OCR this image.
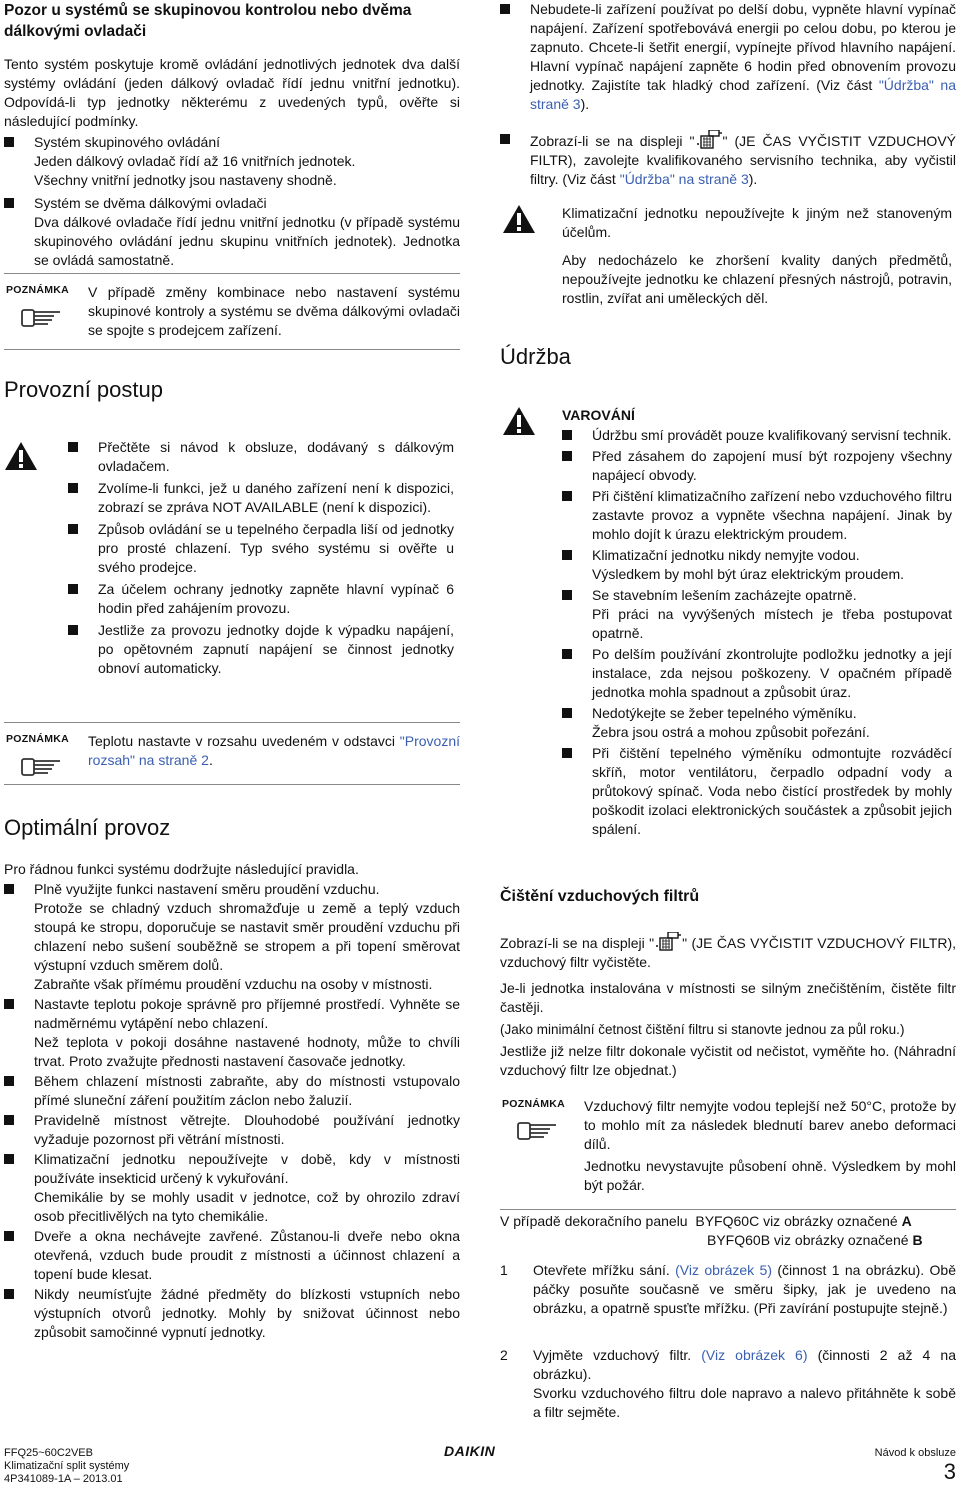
Pozor u systémů se skupinovou kontrolou nebo dvěma dálkovými ovladači

Tento systém poskytuje kromě ovládání jednotlivých jednotek dva další systémy ovládání (jeden dálkový ovladač řídí jednu vnitřní jednotku). Odpovídá-li typ jednotky některému z uvedených typů, ověřte si následující podmínky.

Systém skupinového ovládání
Jeden dálkový ovladač řídí až 16 vnitřních jednotek.
Všechny vnitřní jednotky jsou nastaveny shodně.
Systém se dvěma dálkovými ovladači
Dva dálkové ovladače řídí jednu vnitřní jednotku (v případě systému skupinového ovládání jednu skupinu vnitřních jednotek). Jednotka se ovládá samostatně.
POZNÁMKA V případě změny kombinace nebo nastavení systému skupinové kontroly a systému se dvěma dálkovými ovladači se spojte s prodejcem zařízení.

Provozní postup
Přečtěte si návod k obsluze, dodávaný s dálkovým ovladačem.
Zvolíme-li funkci, jež u daného zařízení není k dispozici, zobrazí se zpráva NOT AVAILABLE (není k dispozici).
Způsob ovládání se u tepelného čerpadla liší od jednotky pro prosté chlazení. Typ svého systému si ověřte u svého prodejce.
Za účelem ochrany jednotky zapněte hlavní vypínač 6 hodin před zahájením provozu.
Jestliže za provozu jednotky dojde k výpadku napájení, po opětovném zapnutí napájení se činnost jednotky obnoví automaticky.
POZNÁMKA Teplotu nastavte v rozsahu uvedeném v odstavci "Provozní rozsah" na straně 2.

Optimální provoz

Pro řádnou funkci systému dodržujte následující pravidla.

Plně využijte funkci nastavení směru proudění vzduchu.
Protože se chladný vzduch shromažďuje u země a teplý vzduch stoupá ke stropu, doporučuje se nastavit směr proudění vzduchu při chlazení nebo sušení souběžně se stropem a při topení směrovat výstupní vzduch směrem dolů.
Zabraňte však přímému proudění vzduchu na osoby v místnosti.
Nastavte teplotu pokoje správně pro příjemné prostředí. Vyhněte se nadměrnému vytápění nebo chlazení.
Než teplota v pokoji dosáhne nastavené hodnoty, může to chvíli trvat. Proto zvažujte přednosti nastavení časovače jednotky.
Během chlazení místnosti zabraňte, aby do místnosti vstupovalo přímé sluneční záření použitím záclon nebo žaluzií.
Pravidelně místnost větrejte. Dlouhodobé používání jednotky vyžaduje pozornost při větrání místnosti.
Klimatizační jednotku nepoužívejte v době, kdy v místnosti používáte insekticid určený k vykuřování.
Chemikálie by se mohly usadit v jednotce, což by ohrozilo zdraví osob přecitlivělých na tyto chemikálie.
Dveře a okna nechávejte zavřené. Zůstanou-li dveře nebo okna otevřená, vzduch bude proudit z místnosti a účinnost chlazení a topení bude klesat.
Nikdy neumísťujte žádné předměty do blízkosti vstupních nebo výstupních otvorů jednotky. Mohly by snižovat účinnost nebo způsobit samočinné vypnutí jednotky.
Nebudete-li zařízení používat po delší dobu, vypněte hlavní vypínač napájení. Zařízení spotřebovává energii po celou dobu, po kterou je zapnuto. Chcete-li šetřit energií, vypínejte přívod hlavního napájení. Hlavní vypínač napájení zapněte 6 hodin před obnovením provozu jednotky. Zajistíte tak hladký chod zařízení. (Viz část "Údržba" na straně 3).
Zobrazí-li se na displeji " " (JE ČAS VYČISTIT VZDUCHOVÝ FILTR), zavolejte kvalifikovaného servisního technika, aby vyčistil filtry. (Viz část "Údržba" na straně 3).

Klimatizační jednotku nepoužívejte k jiným než stanoveným účelům.

Aby nedocházelo ke zhoršení kvality daných předmětů, nepoužívejte jednotku ke chlazení přesných nástrojů, potravin, rostlin, zvířat ani uměleckých děl.

Údržba

VAROVÁNÍ

Údržbu smí provádět pouze kvalifikovaný servisní technik.
Před zásahem do zapojení musí být rozpojeny všechny napájecí obvody.
Při čištění klimatizačního zařízení nebo vzduchového filtru zastavte provoz a vypněte všechna napájení. Jinak by mohlo dojít k úrazu elektrickým proudem.
Klimatizační jednotku nikdy nemyjte vodou.
Výsledkem by mohl být úraz elektrickým proudem.
Se stavebním lešením zacházejte opatrně.
Při práci na vyvýšených místech je třeba postupovat opatrně.
Po delším používání zkontrolujte podložku jednotky a její instalace, zda nejsou poškozeny. V opačném případě jednotka mohla spadnout a způsobit úraz.
Nedotýkejte se žeber tepelného výměníku.
Žebra jsou ostrá a mohou způsobit pořezání.
Při čištění tepelného výměníku odmontujte rozváděcí skříň, motor ventilátoru, čerpadlo odpadní vody a průtokový spínač. Voda nebo čistící prostředek by mohly poškodit izolaci elektronických součástek a způsobit jejich spálení.

Čištění vzduchových filtrů

Zobrazí-li se na displeji " " (JE ČAS VYČISTIT VZDUCHOVÝ FILTR), vzduchový filtr vyčistěte.

Je-li jednotka instalována v místnosti se silným znečištěním, čistěte filtr častěji.

(Jako minimální četnost čištění filtru si stanovte jednou za půl roku.)

Jestliže již nelze filtr dokonale vyčistit od nečistot, vyměňte ho. (Náhradní vzduchový filtr lze objednat.)

POZNÁMKA Vzduchový filtr nemyjte vodou teplejší než 50°C, protože by to mohlo mít za následek blednutí barev anebo deformaci dílů.

Jednotku nevystavujte působení ohně. Výsledkem by mohl být požár.

V případě dekoračního panelu BYFQ60C viz obrázky označené A

BYFQ60B viz obrázky označené B

1 Otevřete mřížku sání. (Viz obrázek 5) (činnost 1 na obrázku). Obě páčky posuňte současně ve směru šipky, jak je uvedeno na obrázku, a opatrně spusťte mřížku. (Při zavírání postupujte stejně.)
2 Vyjměte vzduchový filtr. (Viz obrázek 6) (činnosti 2 až 4 na obrázku).
Svorku vzduchového filtru dole napravo a nalevo přitáhněte k sobě a filtr sejměte.
FFQ25~60C2VEB
Klimatizační split systémy
4P341089-1A – 2013.01
DAIKIN	Návod k obsluze
3
